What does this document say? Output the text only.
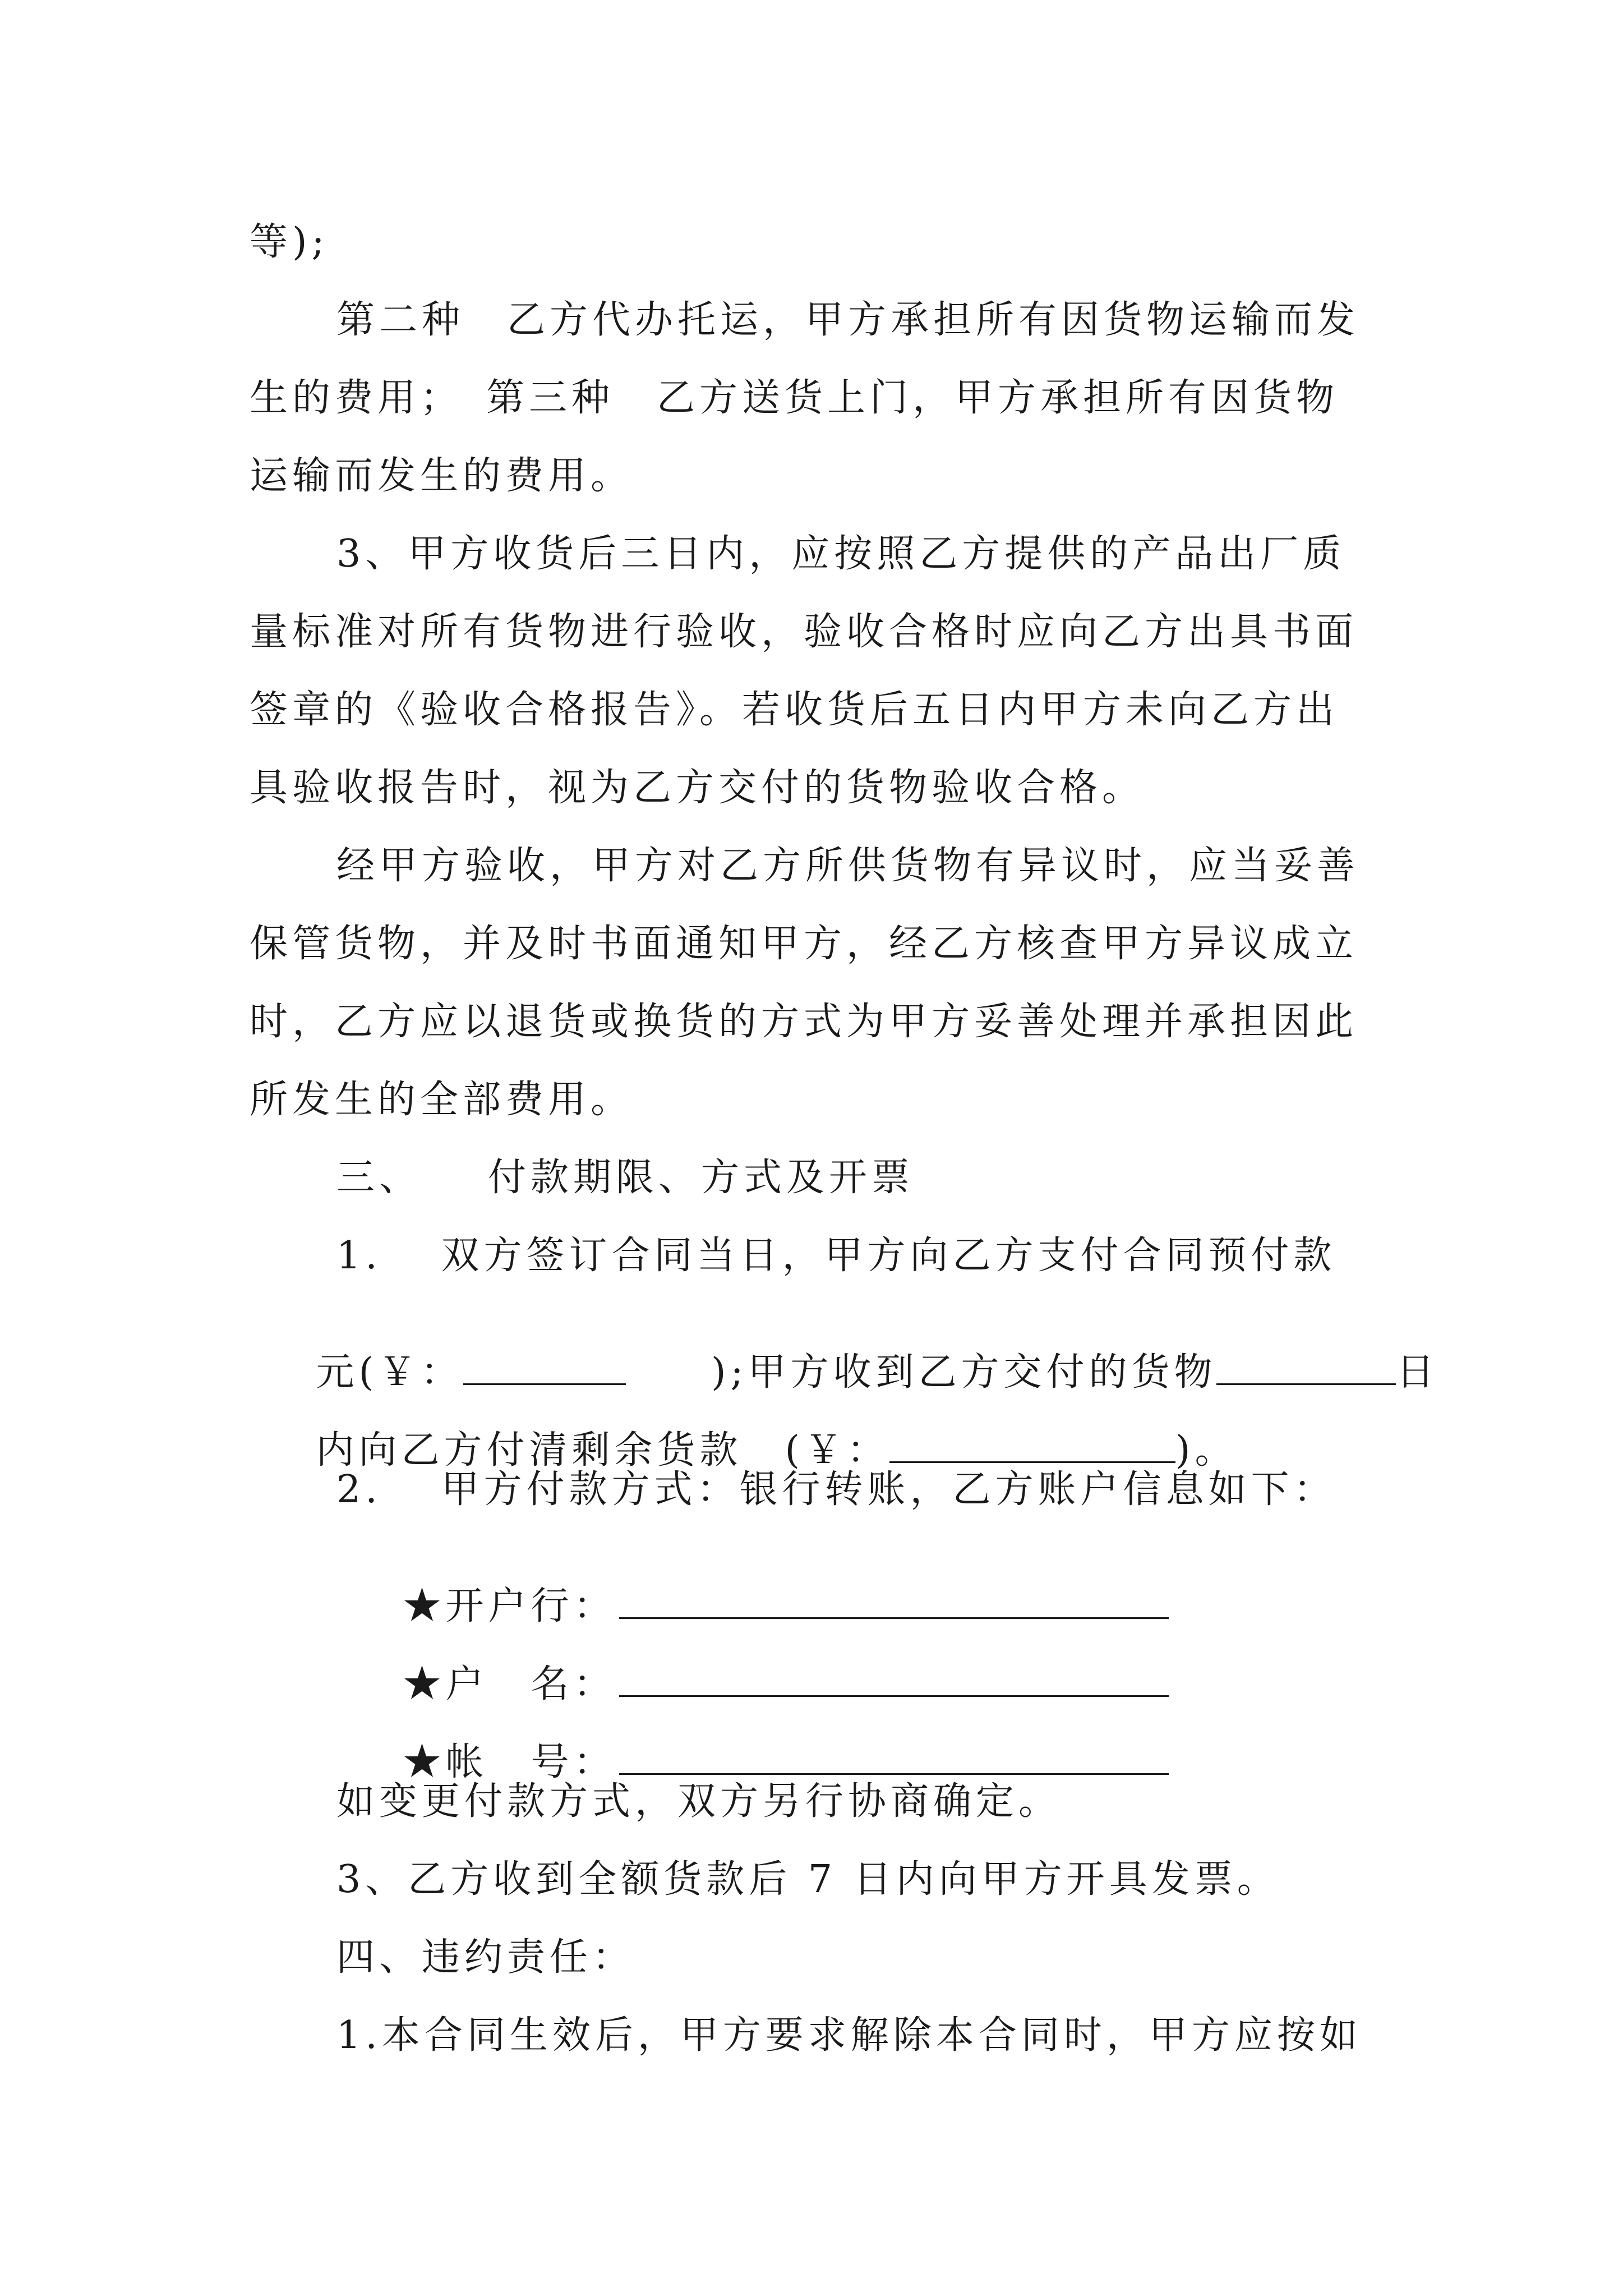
等);
第二种　乙方代办托运，甲方承担所有因货物运输而发
生的费用；　第三种　乙方送货上门，甲方承担所有因货物
运输而发生的费用。
3、甲方收货后三日内，应按照乙方提供的产品出厂质
量标准对所有货物进行验收，验收合格时应向乙方出具书面
签章的《验收合格报告》。若收货后五日内甲方未向乙方出
具验收报告时，视为乙方交付的货物验收合格。
经甲方验收，甲方对乙方所供货物有异议时，应当妥善
保管货物，并及时书面通知甲方，经乙方核查甲方异议成立
时，乙方应以退货或换货的方式为甲方妥善处理并承担因此
所发生的全部费用。
三、　　付款期限、方式及开票
1.　 双方签订合同当日，甲方向乙方支付合同预付款

元(￥：	　　);甲方收到乙方交付的货物	日

内向乙方付清剩余货款　(￥：	)。

2.　 甲方付款方式：银行转账，乙方账户信息如下：

★开户行：

★户　名：

★帐　号：

如变更付款方式，双方另行协商确定。
3、乙方收到全额货款后 7 日内向甲方开具发票。
四、违约责任：
1.本合同生效后，甲方要求解除本合同时，甲方应按如
